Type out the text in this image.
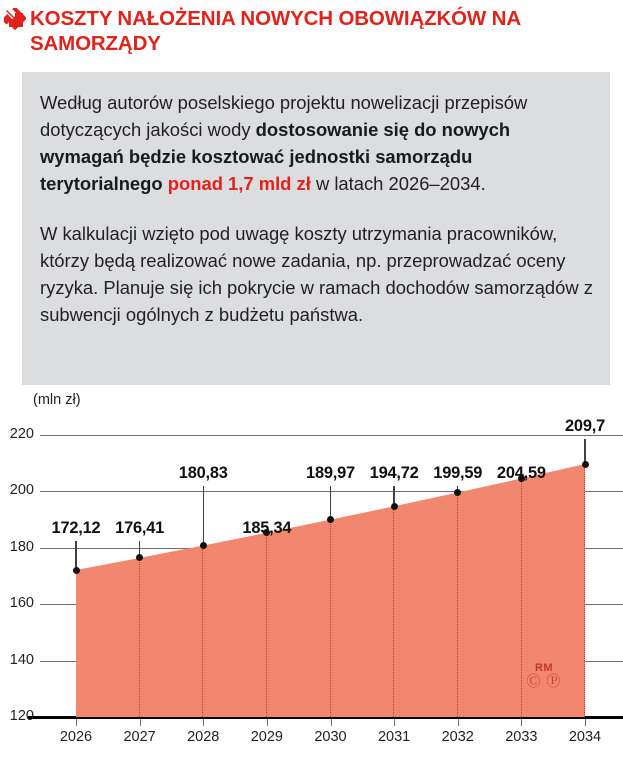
KOSZTY NAŁOŻENIA NOWYCH OBOWIĄZKÓW NA SAMORZĄDY
Według autorów poselskiego projektu nowelizacji przepisów dotyczących jakości wody dostosowanie się do nowych wymagań będzie kosztować jednostki samorządu terytorialnego ponad 1,7 mld zł w latach 2026–2034.
W kalkulacji wzięto pod uwagę koszty utrzymania pracowników, którzy będą realizować nowe zadania, np. przeprowadzać oceny ryzyka. Planuje się ich pokrycie w ramach dochodów samorządów z subwencji ogólnych z budżetu państwa.
(mln zł)
120
140
160
180
200
220
172,12
2026
176,41
2027
180,83
2028
185,34
2029
189,97
2030
194,72
2031
199,59
2032
204,59
2033
209,7
2034
RM
Ⓒ Ⓟ
